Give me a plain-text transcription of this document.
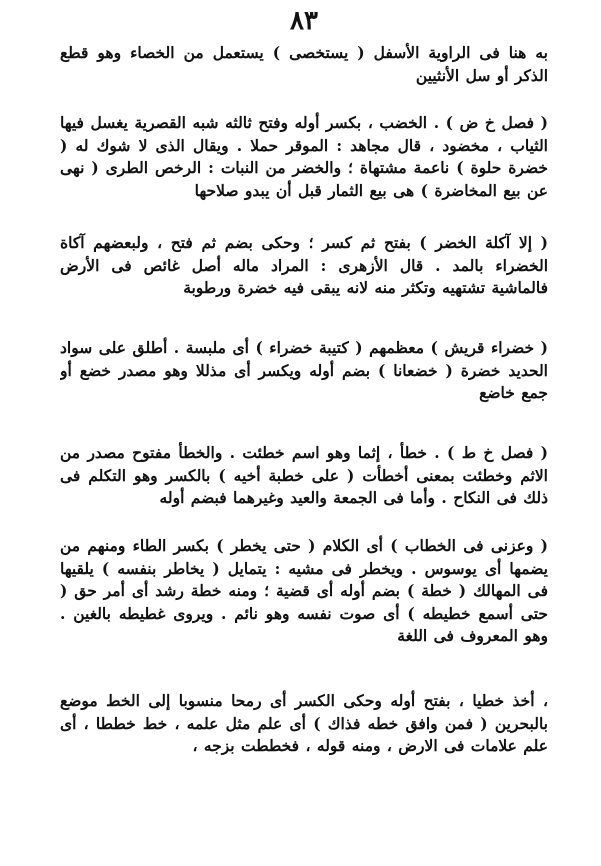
٨٣
به هنا فى الراوية الأسفل ( يستخصى ) يستعمل من الخصاء وهو قطع الذكر أو سل الأنثيين
( فصل خ ض ) . الخضب ، بكسر أوله وفتح ثالثه شبه القصرية يغسل فيها الثياب ، مخضود ، قال مجاهد : الموقر حملا . ويقال الذى لا شوك له ( خضرة حلوة ) ناعمة مشتهاة ؛ والخضر من النبات : الرخص الطرى ( نهى عن بيع المخاضرة ) هى بيع الثمار قبل أن يبدو صلاحها
( إلا آكلة الخضر ) بفتح ثم كسر ؛ وحكى بضم ثم فتح ، ولبعضهم آكاة الخضراء بالمد . قال الأزهرى : المراد ماله أصل غائص فى الأرض فالماشية تشتهيه وتكثر منه لانه يبقى فيه خضرة ورطوبة
( خضراء قريش ) معظمهم ( كتيبة خضراء ) أى ملبسة . أطلق على سواد الحديد خضرة ( خضعانا ) بضم أوله ويكسر أى مذللا وهو مصدر خضع أو جمع خاضع
( فصل خ ط ) . خطأ ، إثما وهو اسم خطئت . والخطأ مفتوح مصدر من الاثم وخطئت بمعنى أخطأت ( على خطبة أخيه ) بالكسر وهو التكلم فى ذلك فى النكاح . وأما فى الجمعة والعيد وغيرهما فبضم أوله
( وعزنى فى الخطاب ) أى الكلام ( حتى يخطر ) بكسر الطاء ومنهم من يضمها أى يوسوس . ويخطر فى مشيه : يتمايل ( يخاطر بنفسه ) يلقيها فى المهالك ( خطة ) بضم أوله أى قضية ؛ ومنه خطة رشد أى أمر حق ( حتى أسمع خطيطه ) أى صوت نفسه وهو نائم . ويروى غطيطه بالغين . وهو المعروف فى اللغة
، أخذ خطيا ، بفتح أوله وحكى الكسر أى رمحا منسوبا إلى الخط موضع بالبحرين ( فمن وافق خطه فذاك ) أى علم مثل علمه ، خط خططا ، أى علم علامات فى الارض ، ومنه قوله ، فخططت بزجه ،
